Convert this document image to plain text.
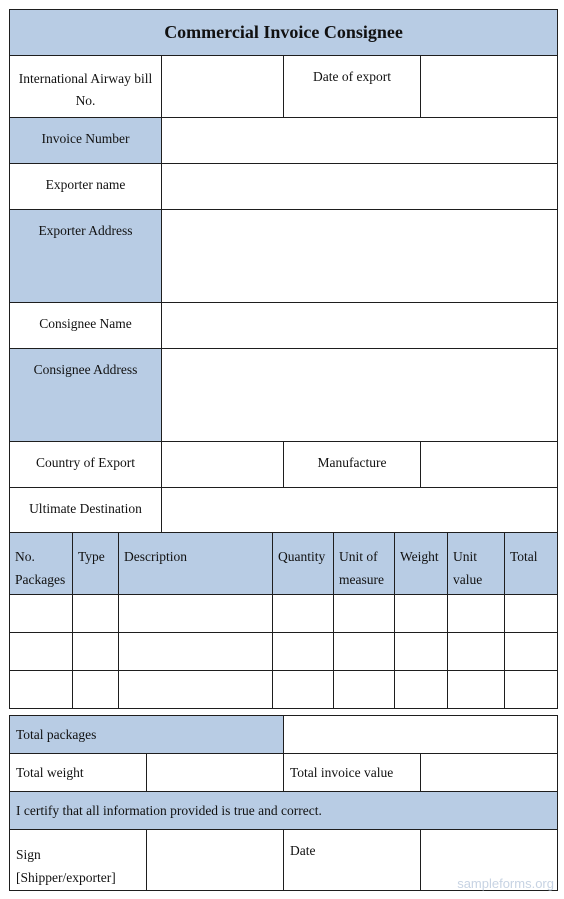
Commercial Invoice Consignee			
International Airway bill No.		Date of export	
Invoice Number			
Exporter name			
Exporter Address			
Consignee Name			
Consignee Address			
Country of Export		Manufacture	
Ultimate Destination			
No. Packages	Type	Description	Quantity	Unit of measure	Weight	Unit value	Total

Total packages			
Total weight		Total invoice value	
I certify that all information provided is true and correct.			
Sign [Shipper/exporter]		Date	
sampleforms.org
